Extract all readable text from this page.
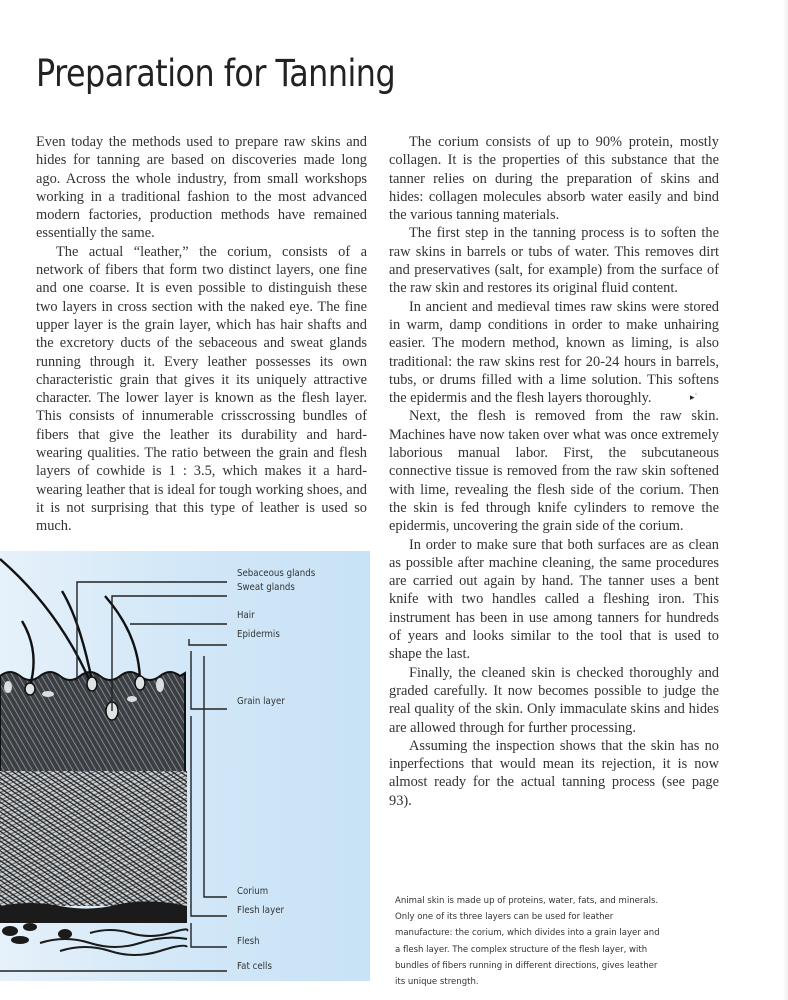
Preparation for Tanning

Even today the methods used to prepare raw skins and hides for tanning are based on discoveries made long ago. Across the whole industry, from small workshops working in a traditional fashion to the most advanced modern factories, production methods have remained essentially the same.

The actual “leather,” the corium, consists of a network of fibers that form two distinct layers, one fine and one coarse. It is even possible to distinguish these two layers in cross section with the naked eye. The fine upper layer is the grain layer, which has hair shafts and the excretory ducts of the sebaceous and sweat glands running through it. Every leather possesses its own characteristic grain that gives it its uniquely attractive character. The lower layer is known as the flesh layer. This consists of innumerable crisscrossing bundles of fibers that give the leather its durability and hard-wearing qualities. The ratio between the grain and flesh layers of cowhide is 1 : 3.5, which makes it a hard-wearing leather that is ideal for tough working shoes, and it is not surprising that this type of leather is used so much.

The corium consists of up to 90% protein, mostly collagen. It is the properties of this substance that the tanner relies on during the preparation of skins and hides: collagen molecules absorb water easily and bind the various tanning materials.

The first step in the tanning process is to soften the raw skins in barrels or tubs of water. This removes dirt and preservatives (salt, for example) from the surface of the raw skin and restores its original fluid content.

In ancient and medieval times raw skins were stored in warm, damp conditions in order to make unhairing easier. The modern method, known as liming, is also traditional: the raw skins rest for 20-24 hours in barrels, tubs, or drums filled with a lime solution. This softens the epidermis and the flesh layers thoroughly.

Next, the flesh is removed from the raw skin. Machines have now taken over what was once extremely laborious manual labor. First, the subcutaneous connective tissue is removed from the raw skin softened with lime, revealing the flesh side of the corium. Then the skin is fed through knife cylinders to remove the epidermis, uncovering the grain side of the corium.

In order to make sure that both surfaces are as clean as possible after machine cleaning, the same procedures are carried out again by hand. The tanner uses a bent knife with two handles called a fleshing iron. This instrument has been in use among tanners for hundreds of years and looks similar to the tool that is used to shape the last.

Finally, the cleaned skin is checked thoroughly and graded carefully. It now becomes possible to judge the real quality of the skin. Only immaculate skins and hides are allowed through for further processing.

Assuming the inspection shows that the skin has no inperfections that would mean its rejection, it is now almost ready for the actual tanning process (see page 93).

▸˙
Sebaceous glands
Sweat glands
Hair
Epidermis
Grain layer
Corium
Flesh layer
Flesh
Fat cells
Animal skin is made up of proteins, water, fats, and minerals. Only one of its three layers can be used for leather manufacture: the corium, which divides into a grain layer and a flesh layer. The complex structure of the flesh layer, with bundles of fibers running in different directions, gives leather its unique strength.
